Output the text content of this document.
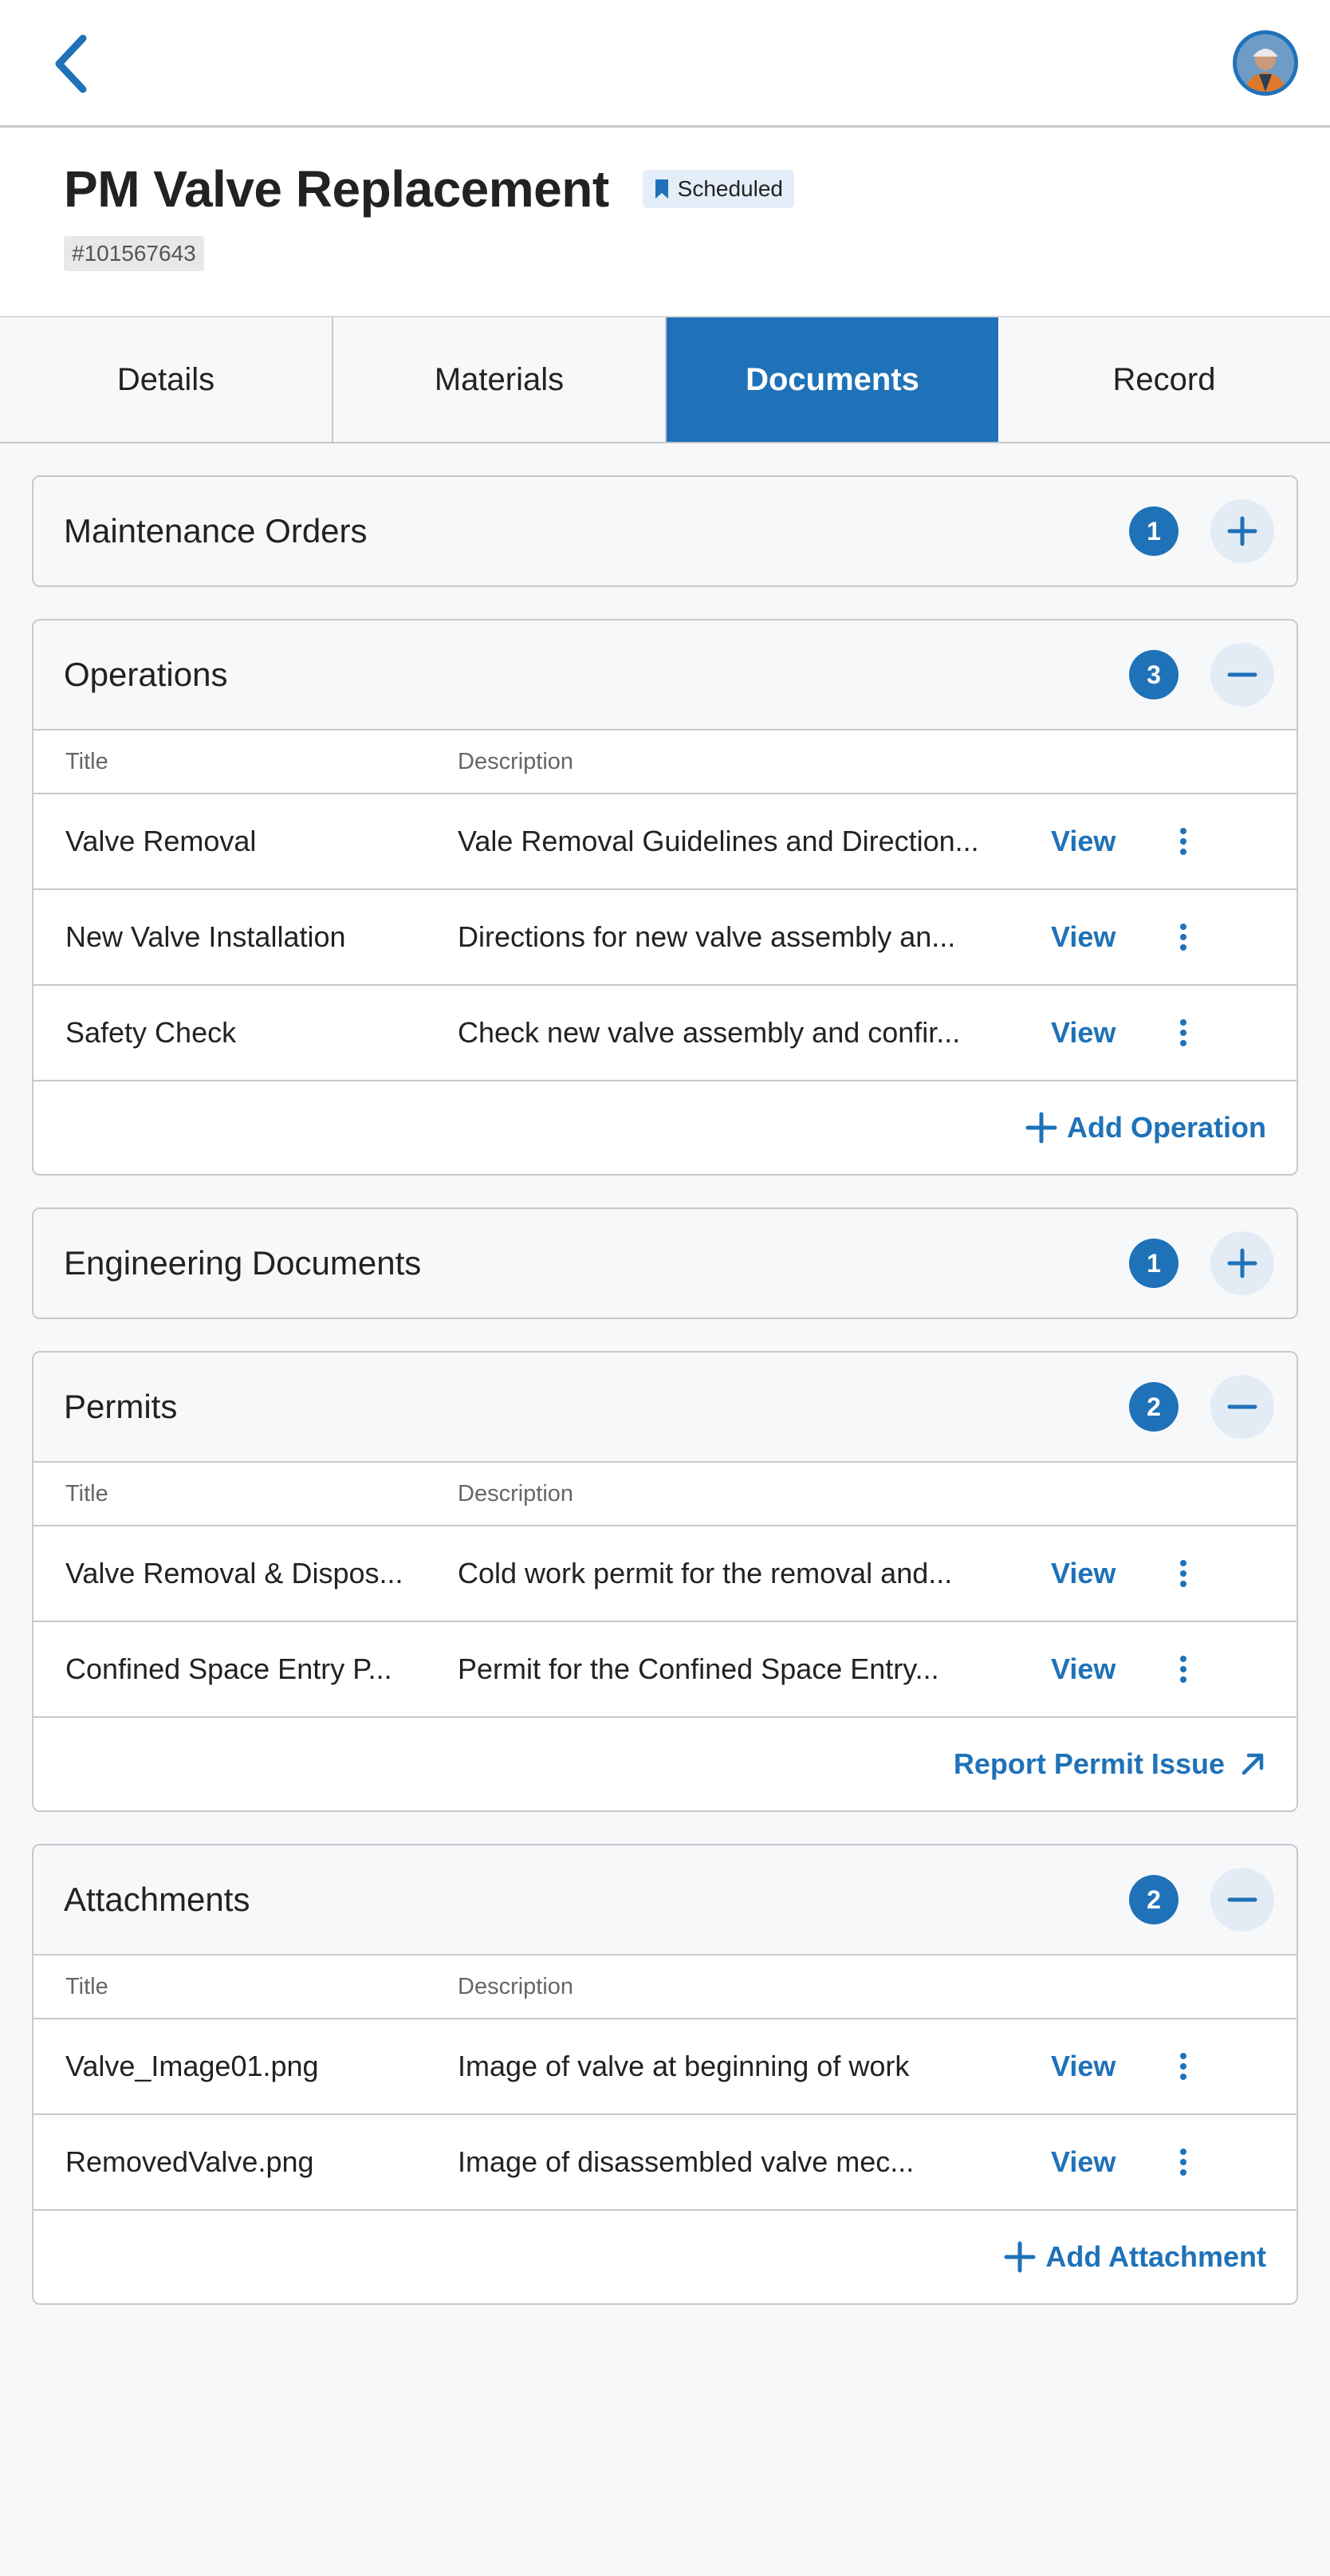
PM Valve Replacement	Scheduled
#101567643
Details	Materials	Documents	Record
Maintenance Orders	1
Operations	3
Title	Description
Valve Removal	Vale Removal Guidelines and Direction...	View
New Valve Installation	Directions for new valve assembly an...	View
Safety Check	Check new valve assembly and confir...	View
Add Operation
Engineering Documents	1
Permits	2
Title	Description
Valve Removal & Dispos...	Cold work permit for the removal and...	View
Confined Space Entry P...	Permit for the Confined Space Entry...	View
Report Permit Issue
Attachments	2
Title	Description
Valve_Image01.png	Image of valve at beginning of work	View
RemovedValve.png	Image of disassembled valve mec...	View
Add Attachment
